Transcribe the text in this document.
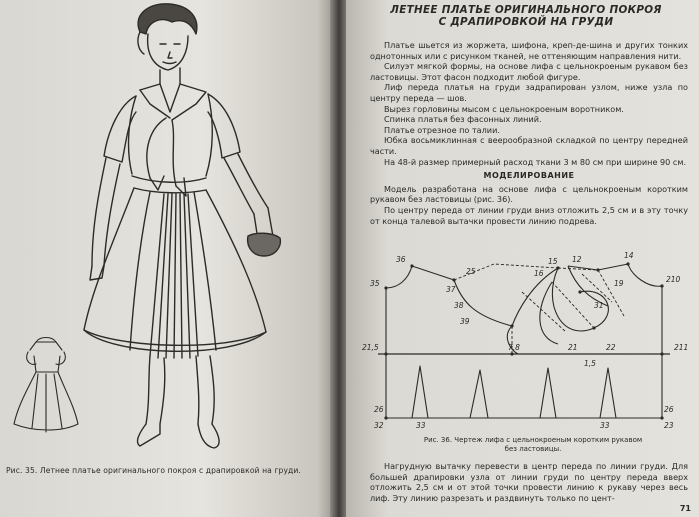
Рис. 35. Летнее платье оригинального покроя с драпировкой на груди.
ЛЕТНЕЕ ПЛАТЬЕ ОРИГИНАЛЬНОГО ПОКРОЯ
С ДРАПИРОВКОЙ НА ГРУДИ

Платье шьется из жоржета, шифона, креп-де-шина и других тонких однотонных или с рисунком тканей, не оттеняющим направления нити.

Силуэт мягкой формы, на основе лифа с цельнокроеным рукавом без ластовицы. Этот фасон подходит любой фигуре.

Лиф переда платья на груди задрапирован узлом, ниже узла по центру переда — шов.

Вырез горловины мысом с цельнокроеным воротником.

Спинка платья без фасонных линий.

Платье отрезное по талии.

Юбка восьмиклинная с веерообразной складкой по центру передней части.

На 48-й размер примерный расход ткани 3 м 80 см при ширине 90 см.

МОДЕЛИРОВАНИЕ

Модель разработана на основе лифа с цельнокроеным коротким рукавом без ластовицы (рис. 36).

По центру переда от линии груди вниз отложить 2,5 см и в эту точку от конца талевой вытачки провести линию подрева.

36
35
25
37
38
39
12
15
16
14
19
31
21	22
7,8
1,5
21,5
26
32
211
26
23
33	33
210
Рис. 36. Чертеж лифа с цельнокроеным коротким рукавом
без ластовицы.

Нагрудную вытачку перевести в центр переда по линии груди. Для большей драпировки узла от линии груди по центру переда вверх отложить 2,5 см и от этой точки провести линию к рукаву через весь лиф. Эту линию разрезать и раздвинуть только по цент-

71
